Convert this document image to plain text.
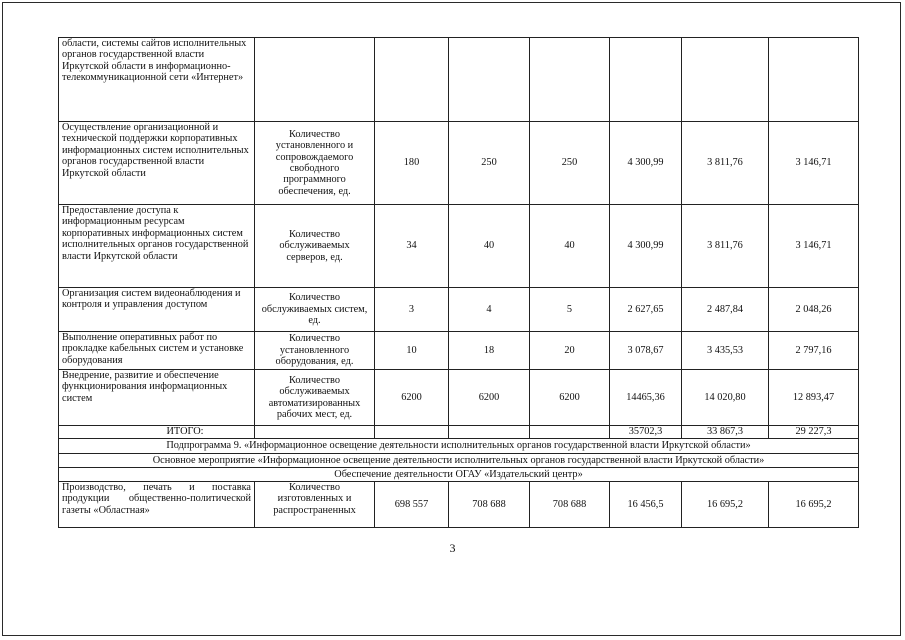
области, системы сайтов исполнительных органов государственной власти Иркутской области в информационно-телекоммуникационной сети «Интернет»							
Осуществление организационной и технической поддержки корпоративных информационных систем исполнительных органов государственной власти Иркутской области	Количество установленного и сопровождаемого свободного программного обеспечения, ед.	180	250	250	4 300,99	3 811,76	3 146,71
Предоставление доступа к информационным ресурсам корпоративных информационных систем исполнительных органов государственной власти Иркутской области	Количество обслуживаемых серверов, ед.	34	40	40	4 300,99	3 811,76	3 146,71
Организация систем видеонаблюдения и контроля и управления доступом	Количество обслуживаемых систем, ед.	3	4	5	2 627,65	2 487,84	2 048,26
Выполнение оперативных работ по прокладке кабельных систем и установке оборудования	Количество установленного оборудования, ед.	10	18	20	3 078,67	3 435,53	2 797,16
Внедрение, развитие и обеспечение функционирования информационных систем	Количество обслуживаемых автоматизированных рабочих мест, ед.	6200	6200	6200	14465,36	14 020,80	12 893,47
ИТОГО:					35702,3	33 867,3	29 227,3
Подпрограмма 9. «Информационное освещение деятельности исполнительных органов государственной власти Иркутской области»							
Основное мероприятие «Информационное освещение деятельности исполнительных органов государственной власти Иркутской области»							
Обеспечение деятельности ОГАУ «Издательский центр»							
Производство, печать и поставка продукции общественно-политической газеты «Областная»	Количество изготовленных и распространенных	698 557	708 688	708 688	16 456,5	16 695,2	16 695,2
3
